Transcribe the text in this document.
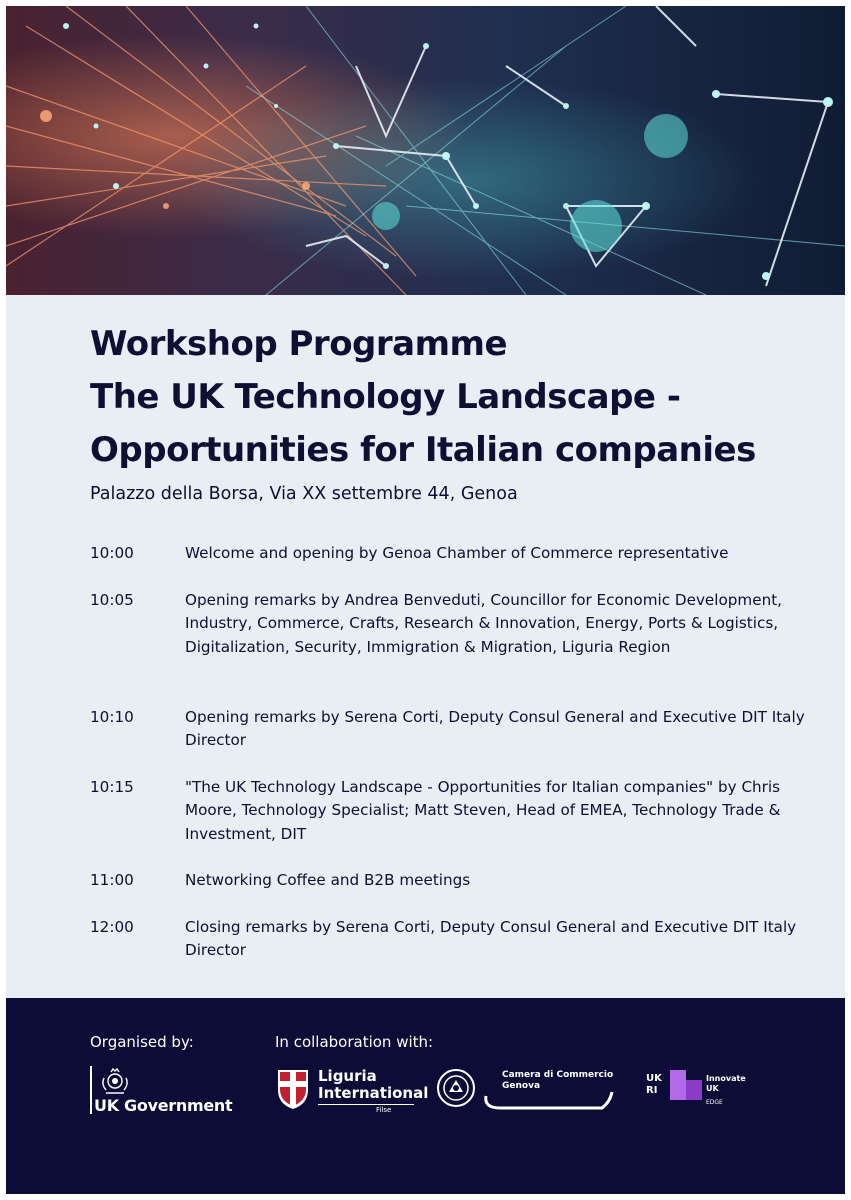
Workshop Programme
The UK Technology Landscape -
Opportunities for Italian companies
Palazzo della Borsa, Via XX settembre 44, Genoa
10:00	Welcome and opening by Genoa Chamber of Commerce representative
10:05	Opening remarks by Andrea Benveduti, Councillor for Economic Development, Industry, Commerce, Crafts, Research & Innovation, Energy, Ports & Logistics, Digitalization, Security, Immigration & Migration, Liguria Region
10:10	Opening remarks by Serena Corti, Deputy Consul General and Executive DIT Italy Director
10:15	"The UK Technology Landscape - Opportunities for Italian companies" by Chris Moore, Technology Specialist; Matt Steven, Head of EMEA, Technology Trade & Investment, DIT
11:00	Networking Coffee and B2B meetings
12:00	Closing remarks by Serena Corti, Deputy Consul General and Executive DIT Italy Director
Organised by:	In collaboration with:
UK Government
Liguria
International
Filse
Camera di Commercio
Genova
UK RI
Innovate
UK
EDGE
